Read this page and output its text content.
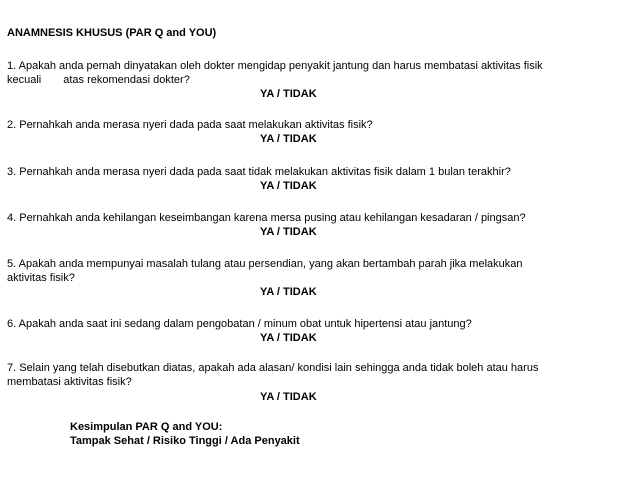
ANAMNESIS KHUSUS (PAR Q and YOU)
1. Apakah anda pernah dinyatakan oleh dokter mengidap penyakit jantung dan harus membatasi aktivitas fisik
kecuali atas rekomendasi dokter?
YA / TIDAK
2. Pernahkah anda merasa nyeri dada pada saat melakukan aktivitas fisik?
YA / TIDAK
3. Pernahkah anda merasa nyeri dada pada saat tidak melakukan aktivitas fisik dalam 1 bulan terakhir?
YA / TIDAK
4. Pernahkah anda kehilangan keseimbangan karena mersa pusing atau kehilangan kesadaran / pingsan?
YA / TIDAK
5. Apakah anda mempunyai masalah tulang atau persendian, yang akan bertambah parah jika melakukan
aktivitas fisik?
YA / TIDAK
6. Apakah anda saat ini sedang dalam pengobatan / minum obat untuk hipertensi atau jantung?
YA / TIDAK
7. Selain yang telah disebutkan diatas, apakah ada alasan/ kondisi lain sehingga anda tidak boleh atau harus
membatasi aktivitas fisik?
YA / TIDAK
Kesimpulan PAR Q and YOU:
Tampak Sehat / Risiko Tinggi / Ada Penyakit
